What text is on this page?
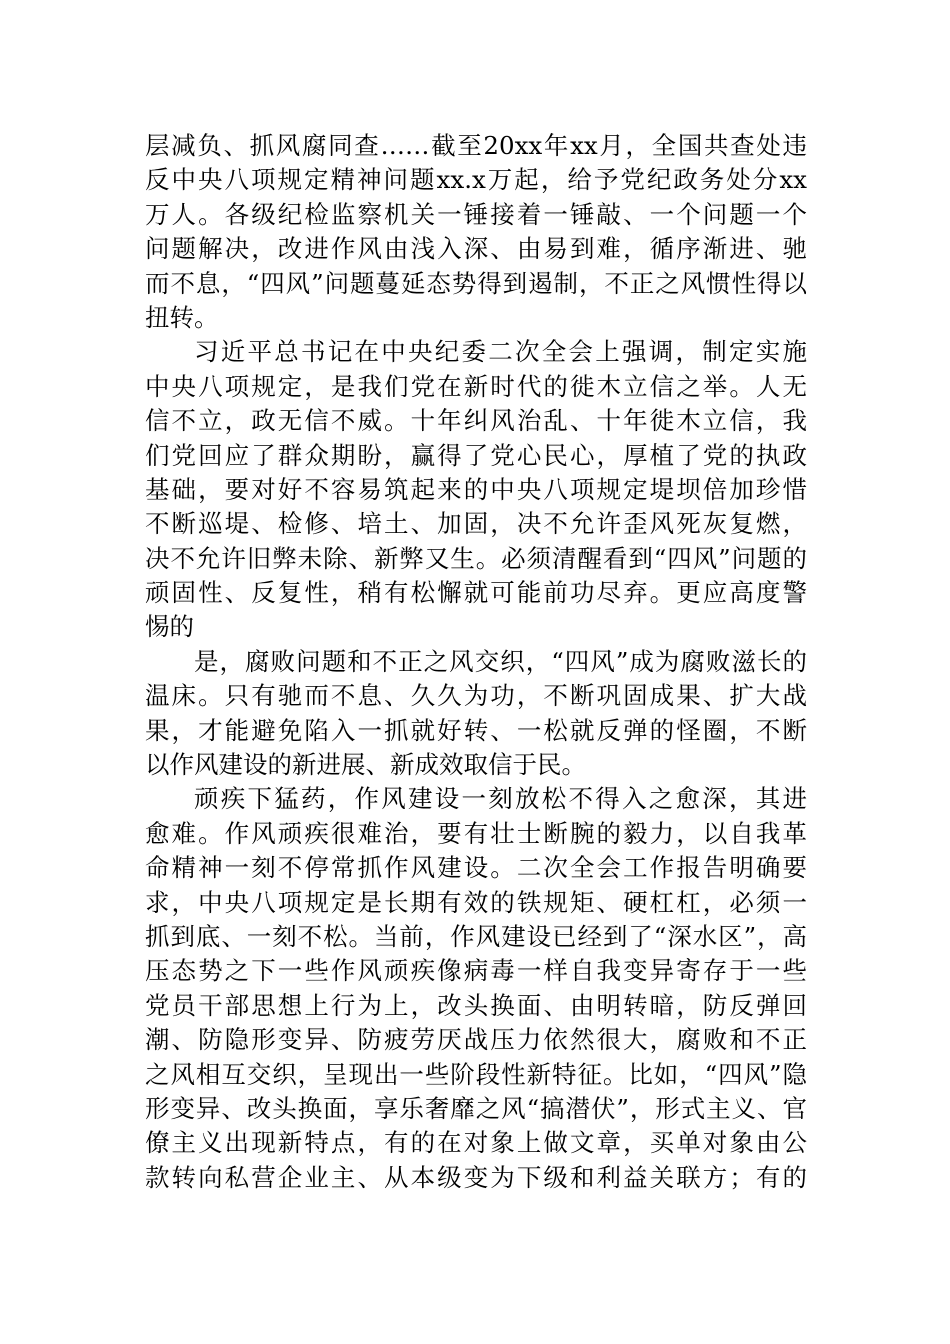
层减负、抓风腐同查……截至20xx年xx月，全国共查处违
反中央八项规定精神问题xx.x万起，给予党纪政务处分xx
万人。各级纪检监察机关一锤接着一锤敲、一个问题一个
问题解决，改进作风由浅入深、由易到难，循序渐进、驰
而不息，“四风”问题蔓延态势得到遏制，不正之风惯性得以
扭转。
习近平总书记在中央纪委二次全会上强调，制定实施
中央八项规定，是我们党在新时代的徙木立信之举。人无
信不立，政无信不威。十年纠风治乱、十年徙木立信，我
们党回应了群众期盼，赢得了党心民心，厚植了党的执政
基础，要对好不容易筑起来的中央八项规定堤坝倍加珍惜
不断巡堤、检修、培土、加固，决不允许歪风死灰复燃，
决不允许旧弊未除、新弊又生。必须清醒看到“四风”问题的
顽固性、反复性，稍有松懈就可能前功尽弃。更应高度警
惕的
是，腐败问题和不正之风交织，“四风”成为腐败滋长的
温床。只有驰而不息、久久为功，不断巩固成果、扩大战
果，才能避免陷入一抓就好转、一松就反弹的怪圈，不断
以作风建设的新进展、新成效取信于民。
顽疾下猛药，作风建设一刻放松不得入之愈深，其进
愈难。作风顽疾很难治，要有壮士断腕的毅力，以自我革
命精神一刻不停常抓作风建设。二次全会工作报告明确要
求，中央八项规定是长期有效的铁规矩、硬杠杠，必须一
抓到底、一刻不松。当前，作风建设已经到了“深水区”，高
压态势之下一些作风顽疾像病毒一样自我变异寄存于一些
党员干部思想上行为上，改头换面、由明转暗，防反弹回
潮、防隐形变异、防疲劳厌战压力依然很大，腐败和不正
之风相互交织，呈现出一些阶段性新特征。比如，“四风”隐
形变异、改头换面，享乐奢靡之风“搞潜伏”，形式主义、官
僚主义出现新特点，有的在对象上做文章，买单对象由公
款转向私营企业主、从本级变为下级和利益关联方；有的
